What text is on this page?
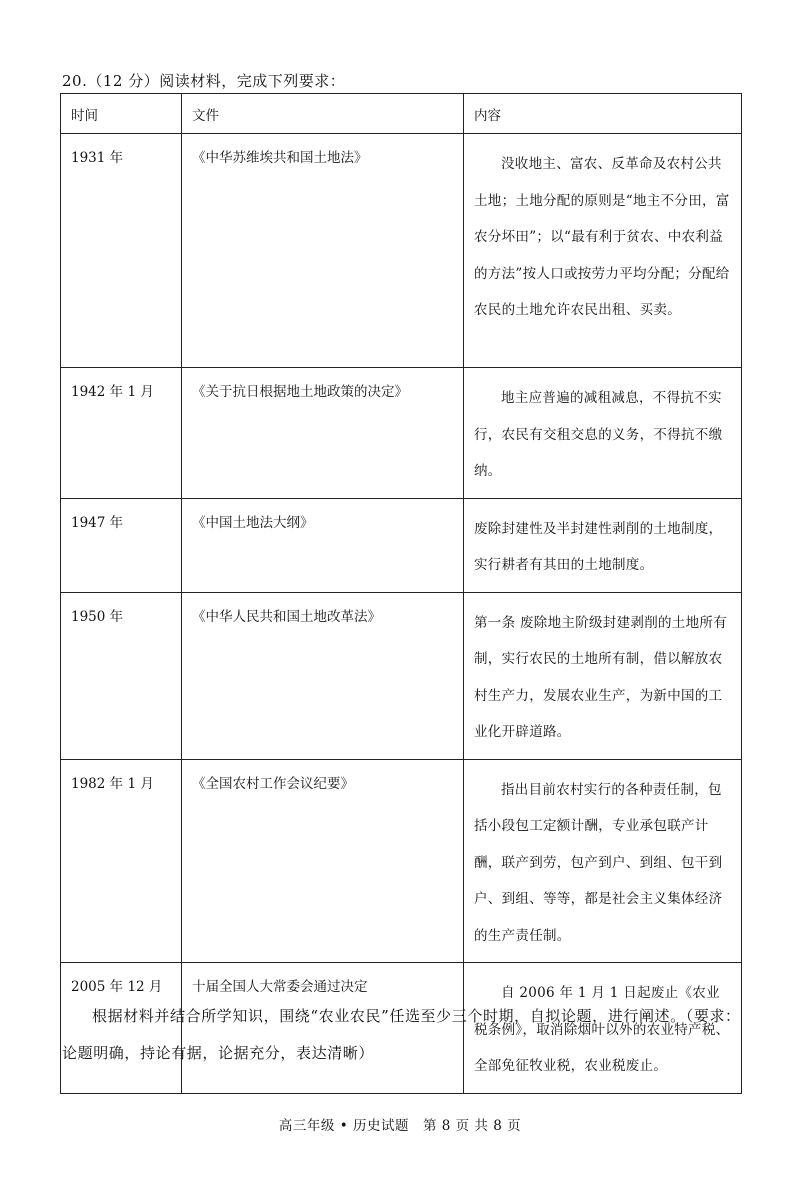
20.（12 分）阅读材料，完成下列要求：
时间	文件	内容
1931 年	《中华苏维埃共和国土地法》	没收地主、富农、反革命及农村公共土地；土地分配的原则是“地主不分田，富农分坏田”；以“最有利于贫农、中农利益的方法”按人口或按劳力平均分配；分配给农民的土地允许农民出租、买卖。
1942 年 1 月	《关于抗日根据地土地政策的决定》	地主应普遍的减租减息，不得抗不实行，农民有交租交息的义务，不得抗不缴纳。
1947 年	《中国土地法大纲》	废除封建性及半封建性剥削的土地制度，实行耕者有其田的土地制度。
1950 年	《中华人民共和国土地改革法》	第一条 废除地主阶级封建剥削的土地所有制，实行农民的土地所有制，借以解放农村生产力，发展农业生产，为新中国的工业化开辟道路。
1982 年 1 月	《全国农村工作会议纪要》	指出目前农村实行的各种责任制，包括小段包工定额计酬，专业承包联产计酬，联产到劳，包产到户、到组、包干到户、到组、等等，都是社会主义集体经济的生产责任制。
2005 年 12 月	十届全国人大常委会通过决定	自 2006 年 1 月 1 日起废止《农业税条例》，取消除烟叶以外的农业特产税、全部免征牧业税，农业税废止。
根据材料并结合所学知识，围绕“农业农民”任选至少三个时期，自拟论题，进行阐述。（要求：论题明确，持论有据，论据充分，表达清晰）
高三年级 • 历史试题　第 8 页 共 8 页
